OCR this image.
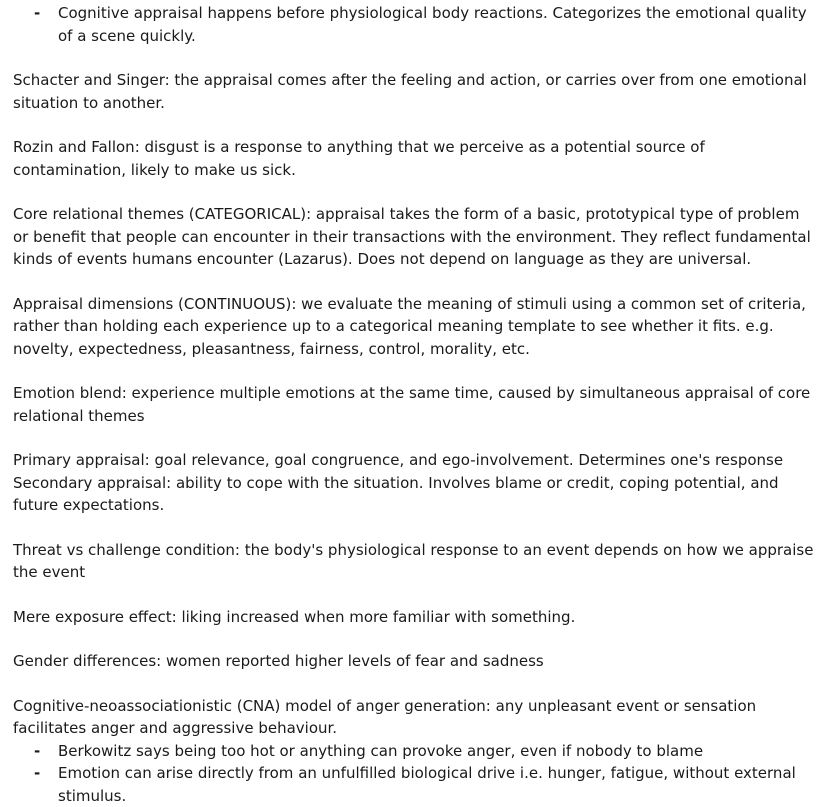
- Cognitive appraisal happens before physiological body reactions. Categorizes the emotional quality of a scene quickly.

Schacter and Singer: the appraisal comes after the feeling and action, or carries over from one emotional situation to another.

Rozin and Fallon: disgust is a response to anything that we perceive as a potential source of contamination, likely to make us sick.

Core relational themes (CATEGORICAL): appraisal takes the form of a basic, prototypical type of problem or benefit that people can encounter in their transactions with the environment. They reflect fundamental kinds of events humans encounter (Lazarus). Does not depend on language as they are universal.

Appraisal dimensions (CONTINUOUS): we evaluate the meaning of stimuli using a common set of criteria, rather than holding each experience up to a categorical meaning template to see whether it fits. e.g. novelty, expectedness, pleasantness, fairness, control, morality, etc.

Emotion blend: experience multiple emotions at the same time, caused by simultaneous appraisal of core relational themes

Primary appraisal: goal relevance, goal congruence, and ego-involvement. Determines one's response

Secondary appraisal: ability to cope with the situation. Involves blame or credit, coping potential, and future expectations.

Threat vs challenge condition: the body's physiological response to an event depends on how we appraise the event

Mere exposure effect: liking increased when more familiar with something.

Gender differences: women reported higher levels of fear and sadness

Cognitive-neoassociationistic (CNA) model of anger generation: any unpleasant event or sensation facilitates anger and aggressive behaviour.

- Berkowitz says being too hot or anything can provoke anger, even if nobody to blame
- Emotion can arise directly from an unfulfilled biological drive i.e. hunger, fatigue, without external stimulus.
